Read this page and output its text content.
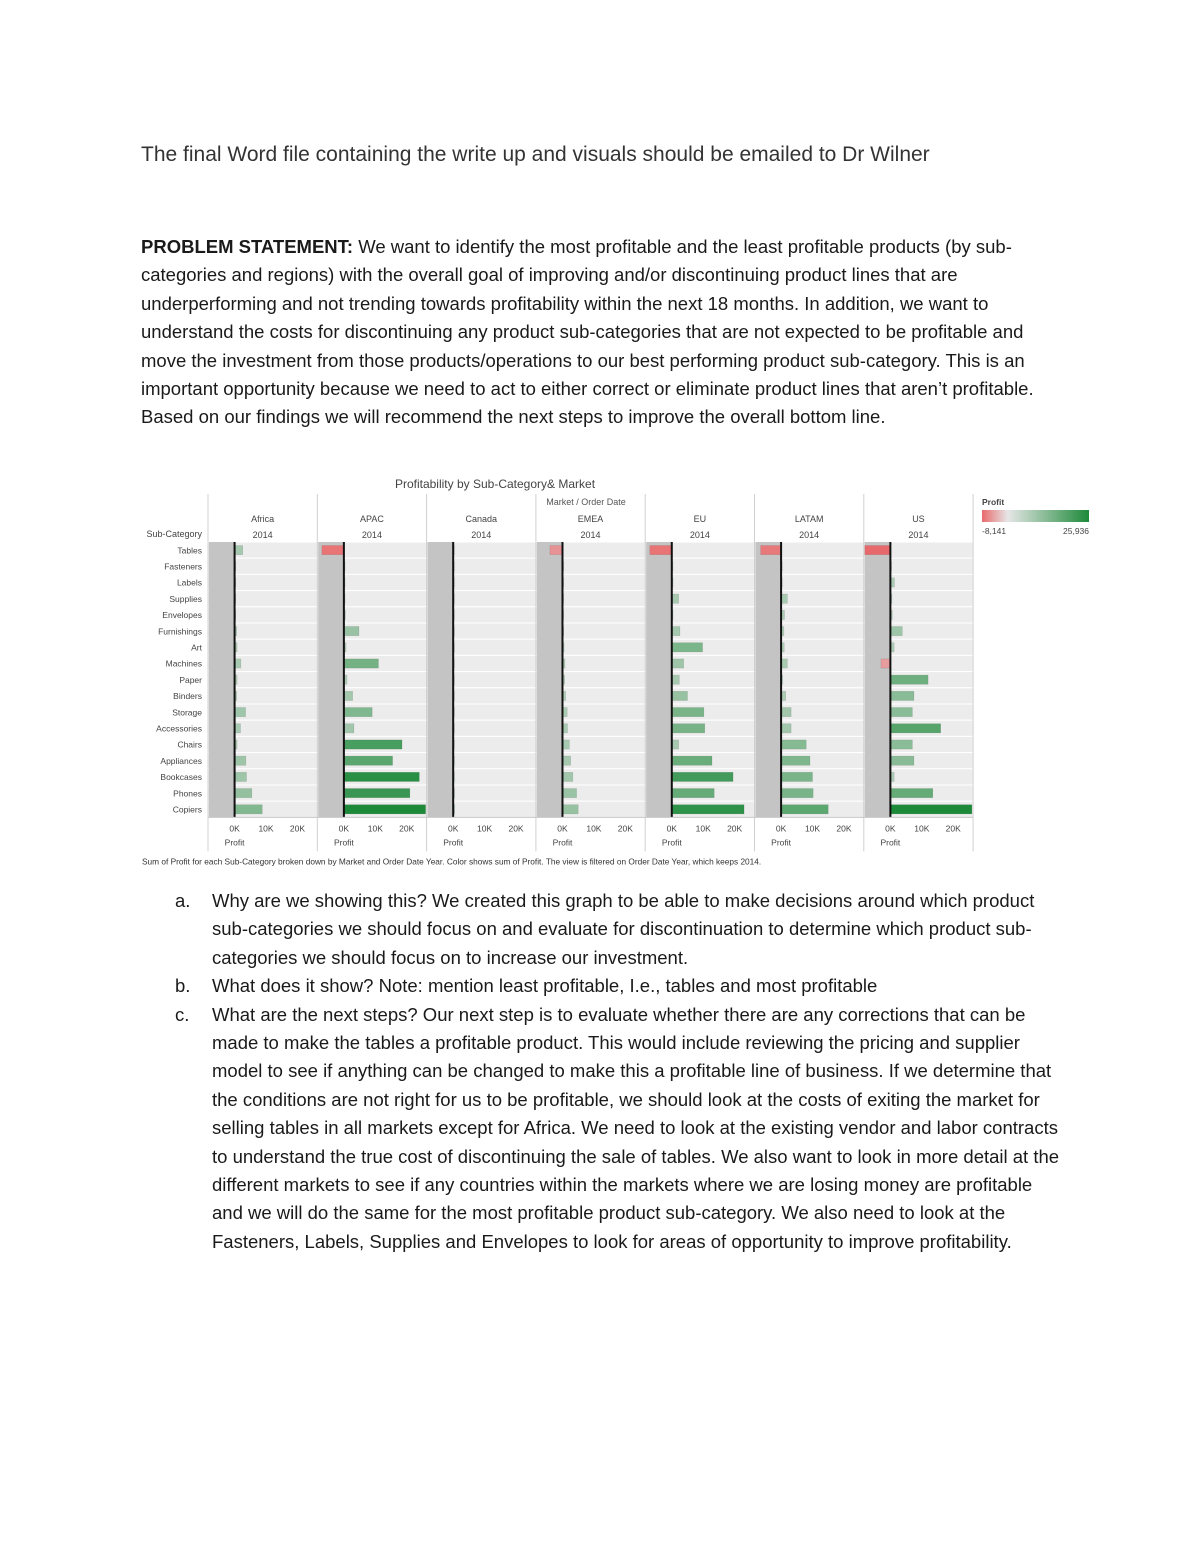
The final Word file containing the write up and visuals should be emailed to Dr Wilner
PROBLEM STATEMENT: We want to identify the most profitable and the least profitable products (by sub-categories and regions) with the overall goal of improving and/or discontinuing product lines that are underperforming and not trending towards profitability within the next 18 months. In addition, we want to understand the costs for discontinuing any product sub-categories that are not expected to be profitable and move the investment from those products/operations to our best performing product sub-category. This is an important opportunity because we need to act to either correct or eliminate product lines that aren’t profitable. Based on our findings we will recommend the next steps to improve the overall bottom line.
Profitability by Sub-Category& Market
Market / Order Date
Sub-Category
Africa
2014
0K 10K 20K
Profit
APAC
2014
0K 10K 20K
Profit
Canada
2014
0K 10K 20K
Profit
EMEA
2014
0K 10K 20K
Profit
EU
2014
0K 10K 20K
Profit
LATAM
2014
0K 10K 20K
Profit
US
2014
0K 10K 20K
Profit
Tables
Fasteners
Labels
Supplies
Envelopes
Furnishings
Art
Machines
Paper
Binders
Storage
Accessories
Chairs
Appliances
Bookcases
Phones
Copiers
Profit
-8,141	25,936
Sum of Profit for each Sub-Category broken down by Market and Order Date Year. Color shows sum of Profit. The view is filtered on Order Date Year, which keeps 2014.
a.	Why are we showing this? We created this graph to be able to make decisions around which product sub-categories we should focus on and evaluate for discontinuation to determine which product sub-categories we should focus on to increase our investment.
b.	What does it show? Note: mention least profitable, I.e., tables and most profitable
c.	What are the next steps? Our next step is to evaluate whether there are any corrections that can be made to make the tables a profitable product. This would include reviewing the pricing and supplier model to see if anything can be changed to make this a profitable line of business. If we determine that the conditions are not right for us to be profitable, we should look at the costs of exiting the market for selling tables in all markets except for Africa. We need to look at the existing vendor and labor contracts to understand the true cost of discontinuing the sale of tables. We also want to look in more detail at the different markets to see if any countries within the markets where we are losing money are profitable and we will do the same for the most profitable product sub-category. We also need to look at the Fasteners, Labels, Supplies and Envelopes to look for areas of opportunity to improve profitability.
